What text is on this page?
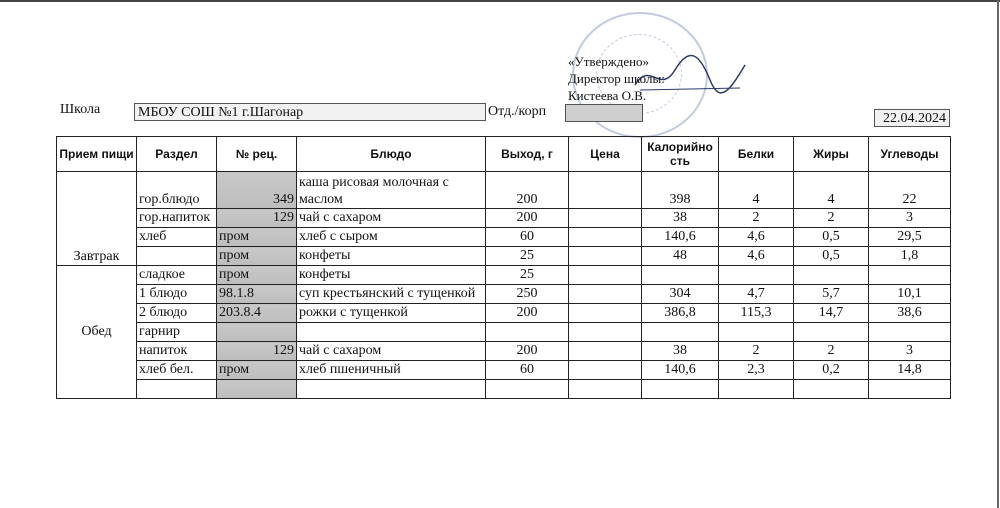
«Утверждено»
Директор школы:
Кистеева О.В.
Школа	МБОУ СОШ №1 г.Шагонар	Отд./корп	22.04.2024
Прием пищи	Раздел	№ рец.	Блюдо	Выход, г	Цена	Калорийность	Белки	Жиры	Углеводы
Завтрак	гор.блюдо	349	каша рисовая молочная с маслом	200		398	4	4	22
	гор.напиток	129	чай с сахаром	200		38	2	2	3
	хлеб	пром	хлеб с сыром	60		140,6	4,6	0,5	29,5
		пром	конфеты	25		48	4,6	0,5	1,8
Обед	сладкое	пром	конфеты	25					
	1 блюдо	98.1.8	суп крестьянский с тущенкой	250		304	4,7	5,7	10,1
	2 блюдо	203.8.4	рожки с тущенкой	200		386,8	115,3	14,7	38,6
	гарнир								
	напиток	129	чай с сахаром	200		38	2	2	3
	хлеб бел.	пром	хлеб пшеничный	60		140,6	2,3	0,2	14,8
